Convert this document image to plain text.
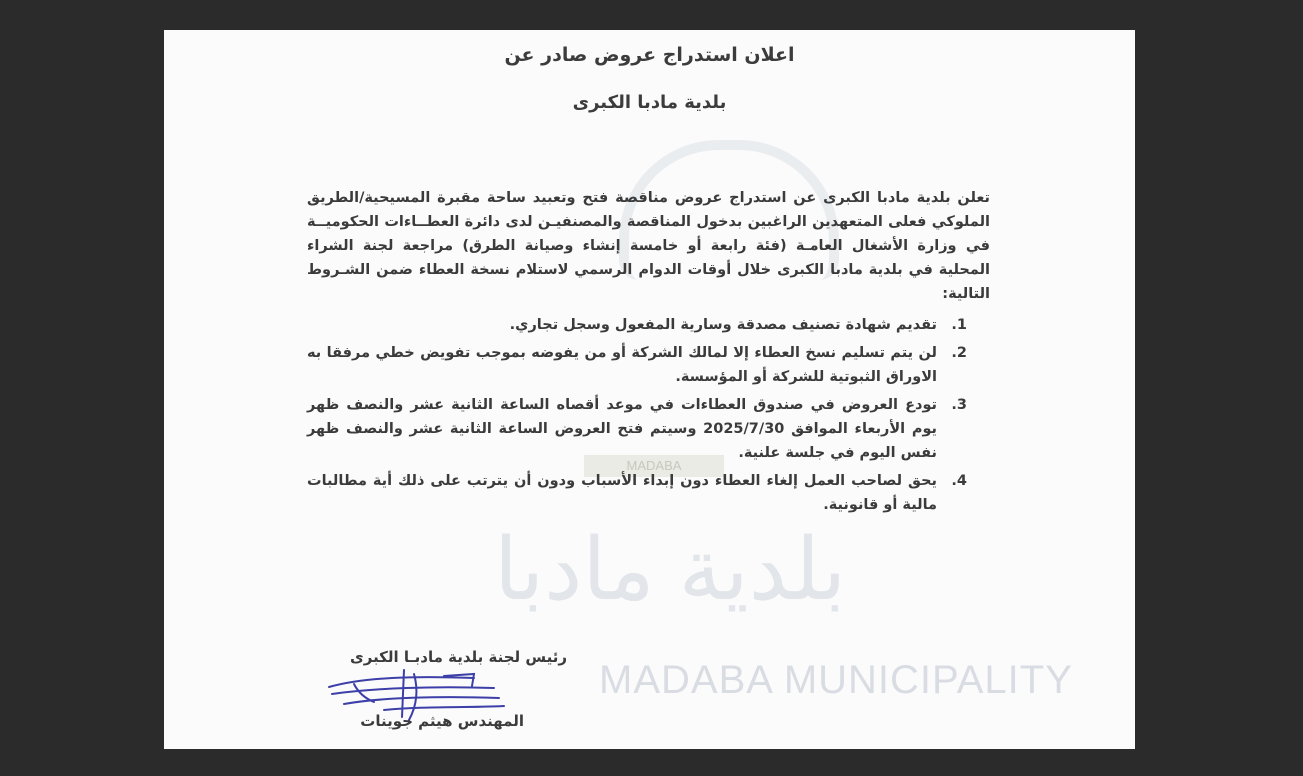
MADABA
بلدية مادبا
MADABA MUNICIPALITY
اعلان استدراج عروض صادر عن
بلدية مادبا الكبرى
تعلن بلدية مادبا الكبرى عن استدراج عروض مناقصة فتح وتعبيد ساحة مقبرة المسيحية/الطريق الملوكي فعلى المتعهدين الراغبين بدخول المناقصة والمصنفيـن لدى دائرة العطــاءات الحكوميــة في وزارة الأشغال العامـة (فئة رابعة أو خامسة إنشاء وصيانة الطرق) مراجعة لجنة الشراء المحلية في بلدية مادبا الكبرى خلال أوقات الدوام الرسمي لاستلام نسخة العطاء ضمن الشـروط التالية:
1.
تقديم شهادة تصنيف مصدقة وسارية المفعول وسجل تجاري.
2.
لن يتم تسليم نسخ العطاء إلا لمالك الشركة أو من يفوضه بموجب تفويض خطي مرفقا به الاوراق الثبوتية للشركة أو المؤسسة.
3.
تودع العروض في صندوق العطاءات في موعد أقصاه الساعة الثانية عشر والنصف ظهر يوم الأربعاء الموافق 2025/7/30 وسيتم فتح العروض الساعة الثانية عشر والنصف ظهر نفس اليوم في جلسة علنية.
4.
يحق لصاحب العمل إلغاء العطاء دون إبداء الأسباب ودون أن يترتب على ذلك أية مطالبات مالية أو قانونية.
رئيس لجنة بلدية مادبـا الكبرى
المهندس هيثم جوينات
